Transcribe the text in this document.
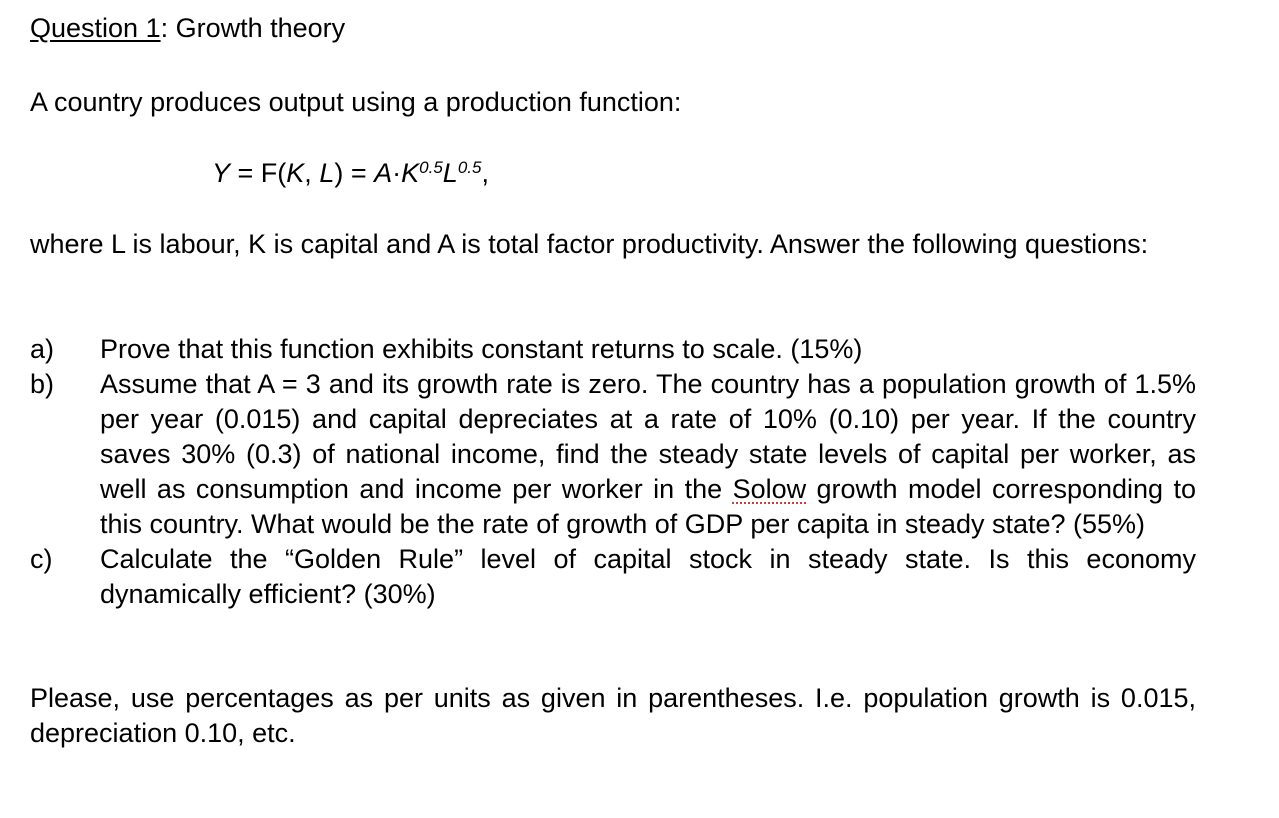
Question 1: Growth theory
A country produces output using a production function:
Y = F(K, $L) = A\cdot K^{0.5}L^{0.5}$,

where L is labour, K is capital and A is total factor productivity. Answer the following questions:

a)	Prove that this function exhibits constant returns to scale. (15%)
b)	Assume that A = 3 and its growth rate is zero. The country has a population growth of 1.5% per year (0.015) and capital depreciates at a rate of 10% (0.10) per year. If the country saves 30% (0.3) of national income, find the steady state levels of capital per worker, as well as consumption and income per worker in the Solow growth model corresponding to this country. What would be the rate of growth of GDP per capita in steady state? (55%)
c)	Calculate the “Golden Rule” level of capital stock in steady state. Is this economy dynamically efficient? (30%)

Please, use percentages as per units as given in parentheses. I.e. population growth is 0.015, depreciation 0.10, etc.
